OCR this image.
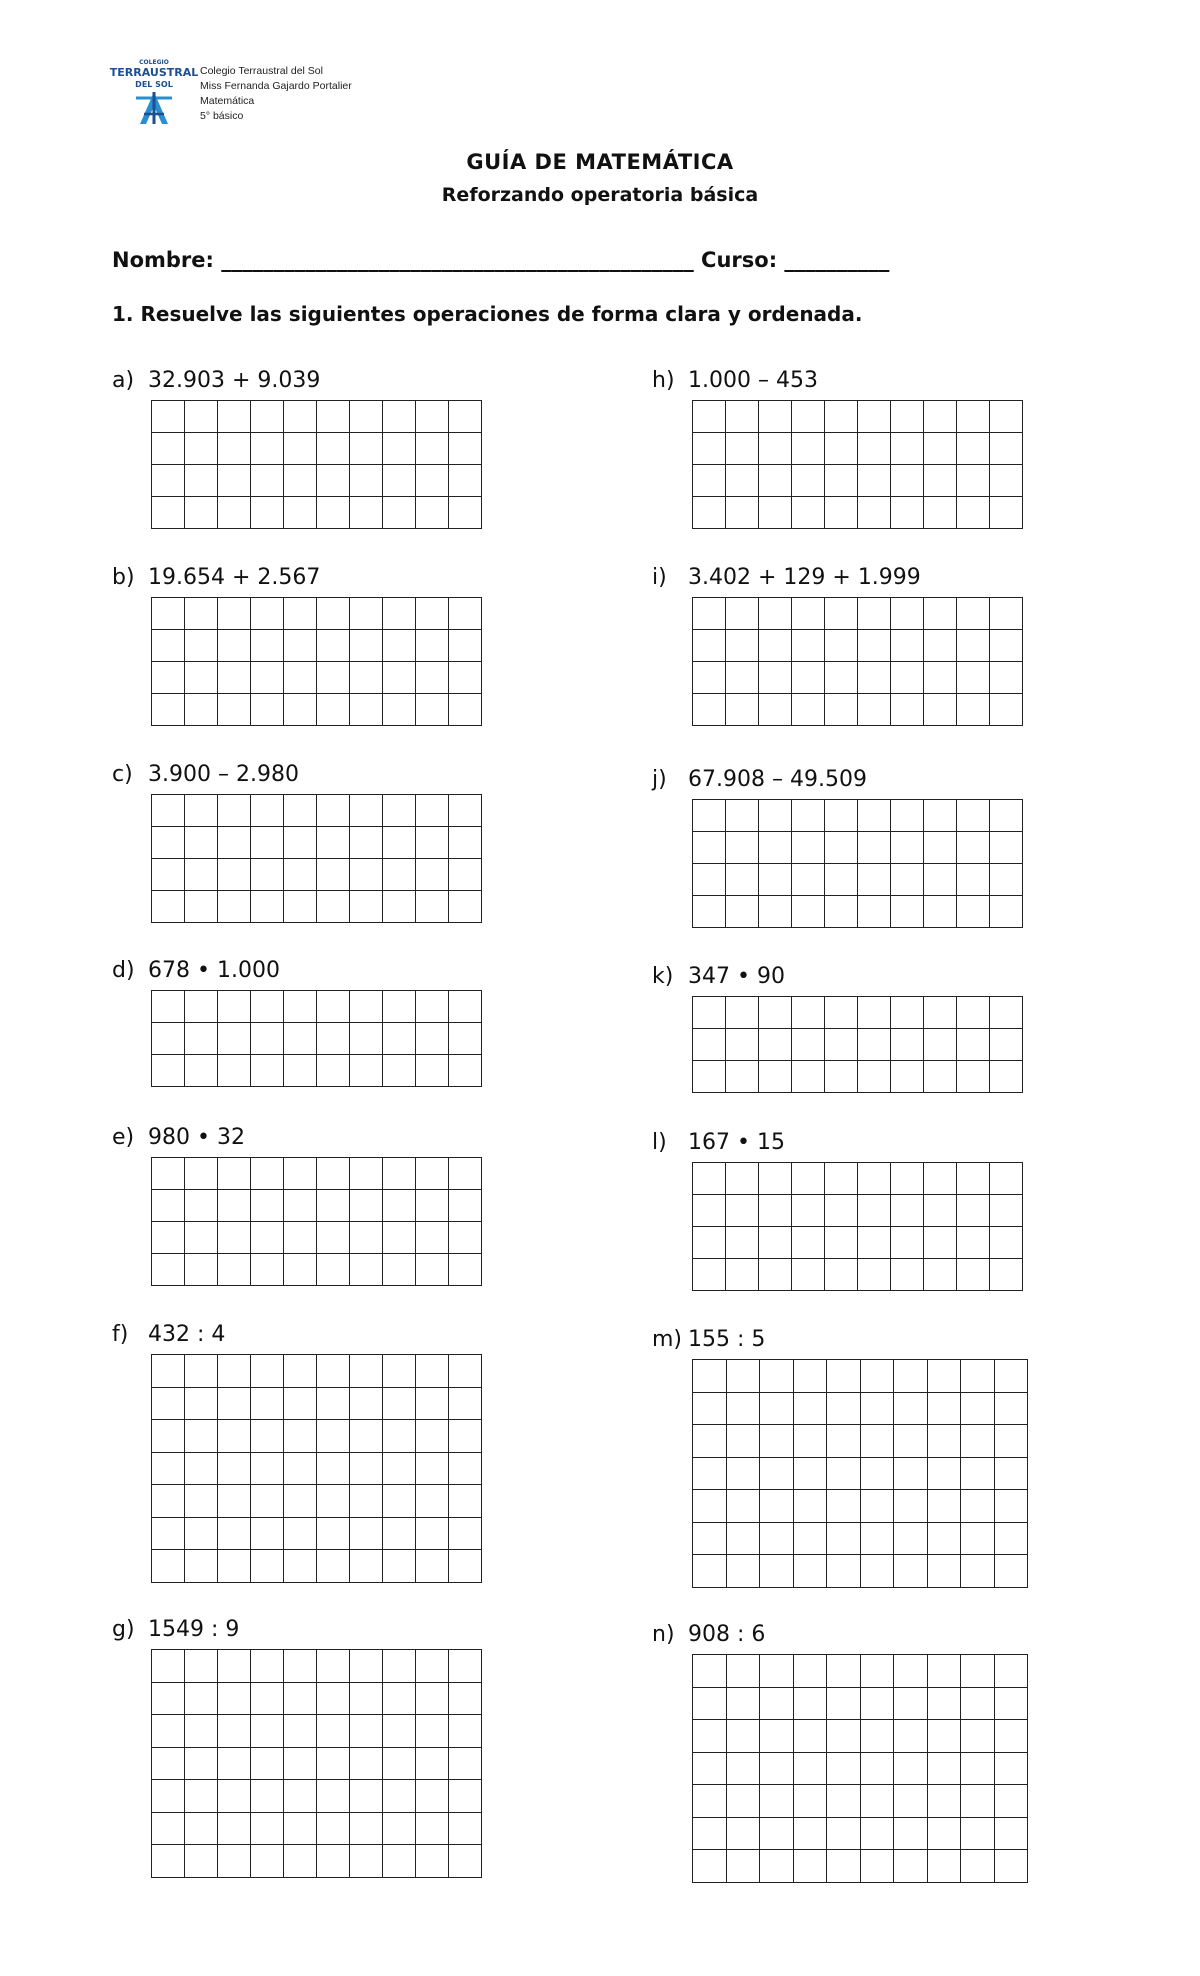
COLEGIO
TERRAUSTRAL
DEL SOL
Colegio Terraustral del Sol
Miss Fernanda Gajardo Portalier
Matemática
5° básico
GUÍA DE MATEMÁTICA
Reforzando operatoria básica
Nombre: _____________________________________________ Curso: __________
1. Resuelve las siguientes operaciones de forma clara y ordenada.
a) 32.903 + 9.039

b) 19.654 + 2.567

c) 3.900 – 2.980

d) 678 • 1.000

e) 980 • 32

f) 432 : 4

g) 1549 : 9

h) 1.000 – 453

i) 3.402 + 129 + 1.999

j) 67.908 – 49.509

k) 347 • 90

l) 167 • 15

m) 155 : 5

n) 908 : 6
